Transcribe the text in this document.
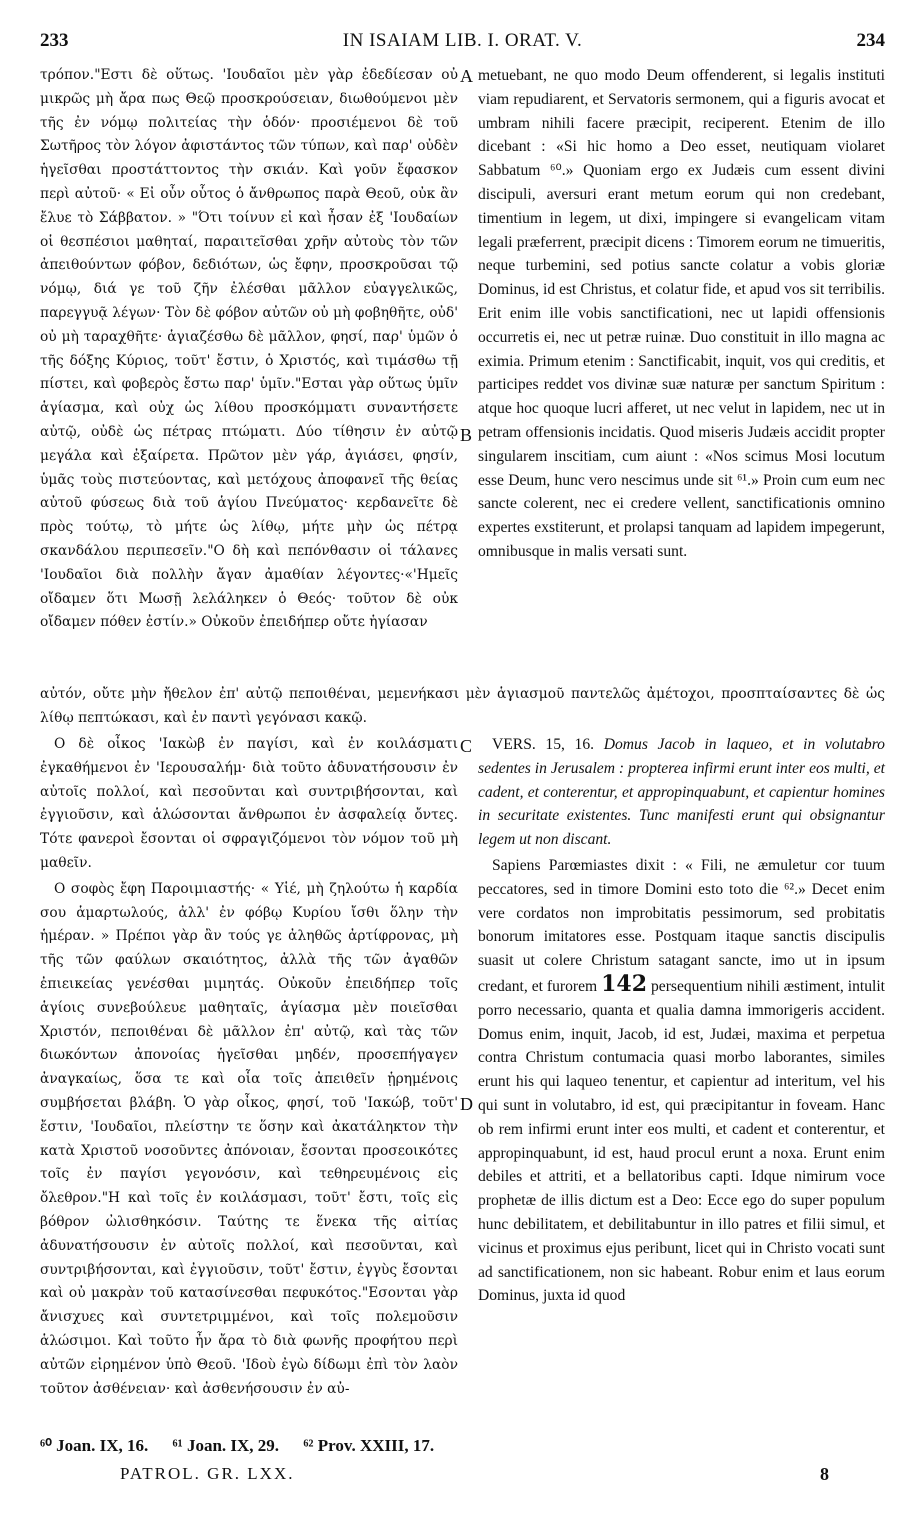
233	IN ISAIAM LIB. I. ORAT. V.	234

τρόπον."Εστι δὲ οὕτως. 'Ιουδαῖοι μὲν γὰρ ἐδεδίεσαν οὐ μικρῶς μὴ ἄρα πως Θεῷ προσκρούσειαν, διωθούμενοι μὲν τῆς ἐν νόμῳ πολιτείας τὴν ὁδόν· προσιέμενοι δὲ τοῦ Σωτῆρος τὸν λόγον ἀφιστάντος τῶν τύπων, καὶ παρ' οὐδὲν ἡγεῖσθαι προστάττοντος τὴν σκιάν. Καὶ γοῦν ἔφασκον περὶ αὐτοῦ· « Εἰ οὖν οὗτος ὁ ἄνθρωπος παρὰ Θεοῦ, οὐκ ἂν ἔλυε τὸ Σάββατον. » "Ότι τοίνυν εἰ καὶ ἦσαν ἐξ 'Ιουδαίων οἱ θεσπέσιοι μαθηταί, παραιτεῖσθαι χρῆν αὐτοὺς τὸν τῶν ἀπειθούντων φόβον, δεδιότων, ὡς ἔφην, προσκροῦσαι τῷ νόμῳ, διά γε τοῦ ζῆν ἐλέσθαι μᾶλλον εὐαγγελικῶς, παρεγγυᾷ λέγων· Τὸν δὲ φόβον αὐτῶν οὐ μὴ φοβηθῆτε, οὐδ' οὐ μὴ ταραχθῆτε· ἁγιαζέσθω δὲ μᾶλλον, φησί, παρ' ὑμῶν ὁ τῆς δόξης Κύριος, τοῦτ' ἔστιν, ὁ Χριστός, καὶ τιμάσθω τῇ πίστει, καὶ φοβερὸς ἔστω παρ' ὑμῖν."Εσται γὰρ οὕτως ὑμῖν ἁγίασμα, καὶ οὐχ ὡς λίθου προσκόμματι συναντήσετε αὐτῷ, οὐδὲ ὡς πέτρας πτώματι. Δύο τίθησιν ἐν αὐτῷ μεγάλα καὶ ἐξαίρετα. Πρῶτον μὲν γάρ, ἁγιάσει, φησίν, ὑμᾶς τοὺς πιστεύοντας, καὶ μετόχους ἀποφανεῖ τῆς θείας αὐτοῦ φύσεως διὰ τοῦ ἁγίου Πνεύματος· κερδανεῖτε δὲ πρὸς τούτῳ, τὸ μήτε ὡς λίθῳ, μήτε μὴν ὡς πέτρᾳ σκανδάλου περιπεσεῖν."Ο δὴ καὶ πεπόνθασιν οἱ τάλανες 'Ιουδαῖοι διὰ πολλὴν ἄγαν ἀμαθίαν λέγοντες·«'Ημεῖς οἴδαμεν ὅτι Μωσῇ λελάληκεν ὁ Θεός· τοῦτον δὲ οὐκ οἴδαμεν πόθεν ἐστίν.» Οὐκοῦν ἐπειδήπερ οὔτε ἡγίασαν

metuebant, ne quo modo Deum offenderent, si legalis instituti viam repudiarent, et Servatoris sermonem, qui a figuris avocat et umbram nihili facere præcipit, reciperent. Etenim de illo dicebant : «Si hic homo a Deo esset, neutiquam violaret Sabbatum ⁶⁰.» Quoniam ergo ex Judæis cum essent divini discipuli, aversuri erant metum eorum qui non credebant, timentium in legem, ut dixi, impingere si evangelicam vitam legali præferrent, præcipit dicens : Timorem eorum ne timueritis, neque turbemini, sed potius sancte colatur a vobis gloriæ Dominus, id est Christus, et colatur fide, et apud vos sit terribilis. Erit enim ille vobis sanctificationi, nec ut lapidi offensionis occurretis ei, nec ut petræ ruinæ. Duo constituit in illo magna ac eximia. Primum etenim : Sanctificabit, inquit, vos qui creditis, et participes reddet vos divinæ suæ naturæ per sanctum Spiritum : atque hoc quoque lucri afferet, ut nec velut in lapidem, nec ut in petram offensionis incidatis. Quod miseris Judæis accidit propter singularem inscitiam, cum aiunt : «Nos scimus Mosi locutum esse Deum, hunc vero nescimus unde sit ⁶¹.» Proin cum eum nec sancte colerent, nec ei credere vellent, sanctificationis omnino expertes exstiterunt, et prolapsi tanquam ad lapidem impegerunt, omnibusque in malis versati sunt.

A
B
C
D
αὐτόν, οὔτε μὴν ἤθελον ἐπ' αὐτῷ πεποιθέναι, μεμενήκασι μὲν ἁγιασμοῦ παντελῶς ἀμέτοχοι, προσπταίσαντες δὲ ὡς λίθῳ πεπτώκασι, καὶ ἐν παντὶ γεγόνασι κακῷ.

Ο δὲ οἶκος 'Ιακὼβ ἐν παγίσι, καὶ ἐν κοιλάσματι ἐγκαθήμενοι ἐν 'Ιερουσαλήμ· διὰ τοῦτο ἀδυνατήσουσιν ἐν αὐτοῖς πολλοί, καὶ πεσοῦνται καὶ συντριβήσονται, καὶ ἐγγιοῦσιν, καὶ ἁλώσονται ἄνθρωποι ἐν ἀσφαλείᾳ ὄντες. Τότε φανεροὶ ἔσονται οἱ σφραγιζόμενοι τὸν νόμον τοῦ μὴ μαθεῖν.

Ο σοφὸς ἔφη Παροιμιαστής· « Υἱέ, μὴ ζηλούτω ἡ καρδία σου ἁμαρτωλούς, ἀλλ' ἐν φόβῳ Κυρίου ἴσθι ὅλην τὴν ἡμέραν. » Πρέποι γὰρ ἂν τούς γε ἀληθῶς ἀρτίφρονας, μὴ τῆς τῶν φαύλων σκαιότητος, ἀλλὰ τῆς τῶν ἀγαθῶν ἐπιεικείας γενέσθαι μιμητάς. Οὐκοῦν ἐπειδήπερ τοῖς ἁγίοις συνεβούλευε μαθηταῖς, ἁγίασμα μὲν ποιεῖσθαι Χριστόν, πεποιθέναι δὲ μᾶλλον ἐπ' αὐτῷ, καὶ τὰς τῶν διωκόντων ἀπονοίας ἡγεῖσθαι μηδέν, προσεπήγαγεν ἀναγκαίως, ὅσα τε καὶ οἷα τοῖς ἀπειθεῖν ᾑρημένοις συμβήσεται βλάβη. Ὁ γὰρ οἶκος, φησί, τοῦ 'Ιακώβ, τοῦτ' ἔστιν, 'Ιουδαῖοι, πλείστην τε ὅσην καὶ ἀκατάληκτον τὴν κατὰ Χριστοῦ νοσοῦντες ἀπόνοιαν, ἔσονται προσεοικότες τοῖς ἐν παγίσι γεγονόσιν, καὶ τεθηρευμένοις εἰς ὄλεθρον."Η καὶ τοῖς ἐν κοιλάσμασι, τοῦτ' ἔστι, τοῖς εἰς βόθρον ὠλισθηκόσιν. Ταύτης τε ἕνεκα τῆς αἰτίας ἀδυνατήσουσιν ἐν αὐτοῖς πολλοί, καὶ πεσοῦνται, καὶ συντριβήσονται, καὶ ἐγγιοῦσιν, τοῦτ' ἔστιν, ἐγγὺς ἔσονται καὶ οὐ μακρὰν τοῦ κατασίνεσθαι πεφυκότος."Εσονται γὰρ ἄνισχυες καὶ συντετριμμένοι, καὶ τοῖς πολεμοῦσιν ἁλώσιμοι. Καὶ τοῦτο ἦν ἄρα τὸ διὰ φωνῆς προφήτου περὶ αὐτῶν εἰρημένον ὑπὸ Θεοῦ. 'Ιδοὺ ἐγὼ δίδωμι ἐπὶ τὸν λαὸν τοῦτον ἀσθένειαν· καὶ ἀσθενήσουσιν ἐν αὐ-

VERS. 15, 16. Domus Jacob in laqueo, et in volutabro sedentes in Jerusalem : propterea infirmi erunt inter eos multi, et cadent, et conterentur, et appropinquabunt, et capientur homines in securitate existentes. Tunc manifesti erunt qui obsignantur legem ut non discant.

Sapiens Parœmiastes dixit : « Fili, ne æmuletur cor tuum peccatores, sed in timore Domini esto toto die ⁶².» Decet enim vere cordatos non improbitatis pessimorum, sed probitatis bonorum imitatores esse. Postquam itaque sanctis discipulis suasit ut colere Christum satagant sancte, imo ut in ipsum credant, et furorem 142 persequentium nihili æstiment, intulit porro necessario, quanta et qualia damna immorigeris accident. Domus enim, inquit, Jacob, id est, Judæi, maxima et perpetua contra Christum contumacia quasi morbo laborantes, similes erunt his qui laqueo tenentur, et capientur ad interitum, vel his qui sunt in volutabro, id est, qui præcipitantur in foveam. Hanc ob rem infirmi erunt inter eos multi, et cadent et conterentur, et appropinquabunt, id est, haud procul erunt a noxa. Erunt enim debiles et attriti, et a bellatoribus capti. Idque nimirum voce prophetæ de illis dictum est a Deo: Ecce ego do super populum hunc debilitatem, et debilitabuntur in illo patres et filii simul, et vicinus et proximus ejus peribunt, licet qui in Christo vocati sunt ad sanctificationem, non sic habeant. Robur enim et laus eorum Dominus, juxta id quod

⁶⁰ Joan. IX, 16. ⁶¹ Joan. IX, 29. ⁶² Prov. XXIII, 17.
PATROL. GR. LXX.	8
